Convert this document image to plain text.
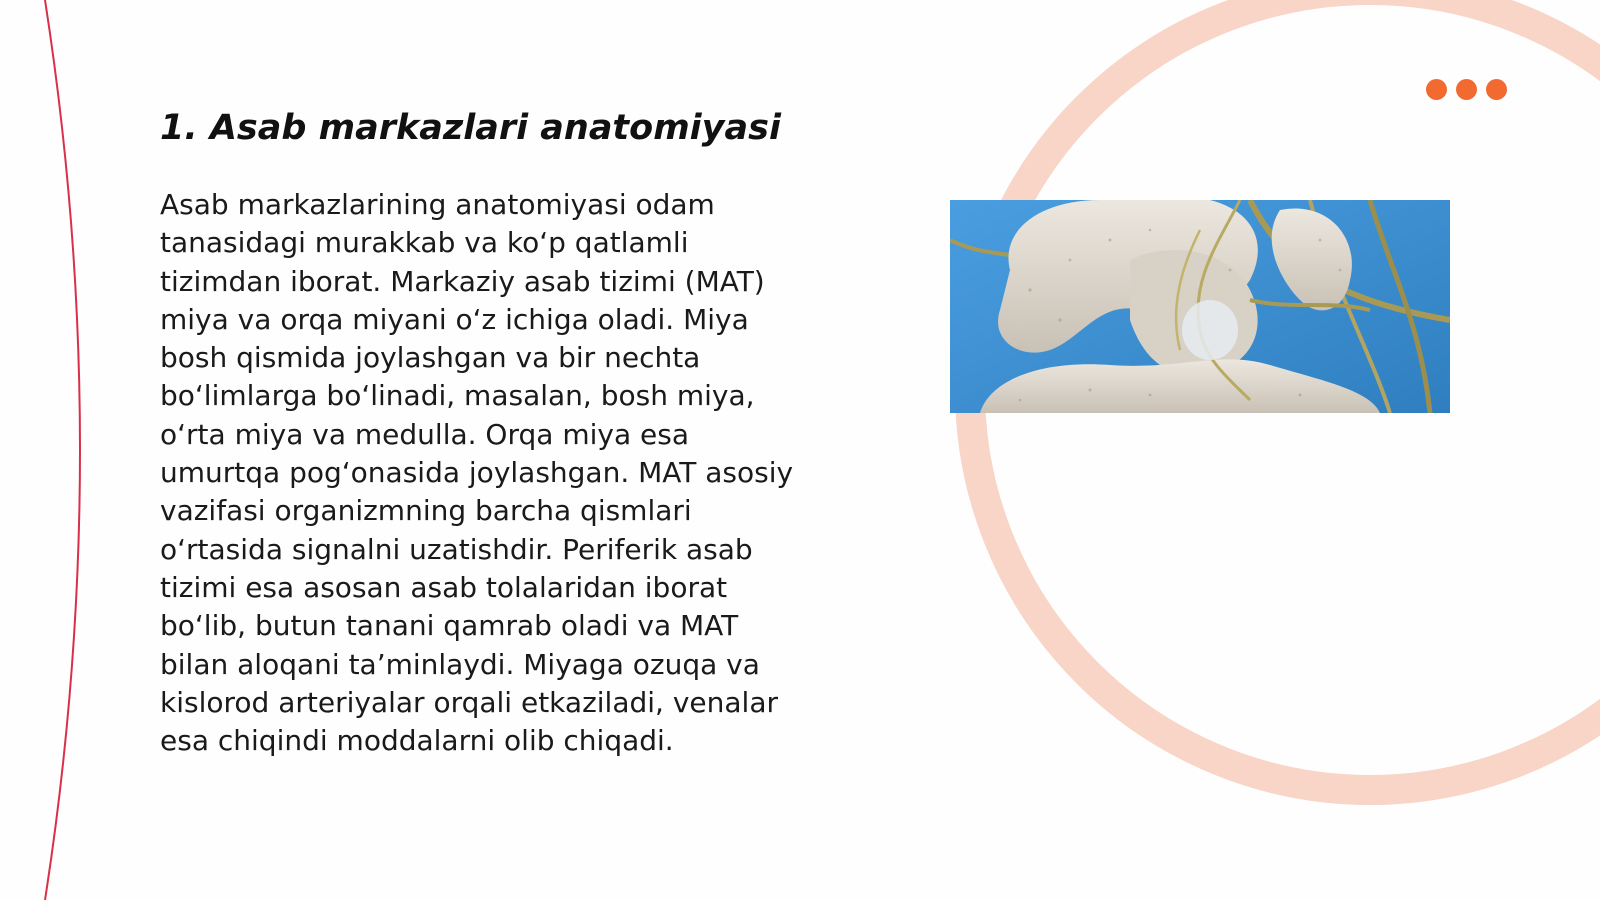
1. Asab markazlari anatomiyasi
Asab markazlarining anatomiyasi odam
tanasidagi murakkab va ko‘p qatlamli
tizimdan iborat. Markaziy asab tizimi (MAT)
miya va orqa miyani o‘z ichiga oladi. Miya
bosh qismida joylashgan va bir nechta
bo‘limlarga bo‘linadi, masalan, bosh miya,
o‘rta miya va medulla. Orqa miya esa
umurtqa pog‘onasida joylashgan. MAT asosiy
vazifasi organizmning barcha qismlari
o‘rtasida signalni uzatishdir. Periferik asab
tizimi esa asosan asab tolalaridan iborat
bo‘lib, butun tanani qamrab oladi va MAT
bilan aloqani ta’minlaydi. Miyaga ozuqa va
kislorod arteriyalar orqali etkaziladi, venalar
esa chiqindi moddalarni olib chiqadi.
